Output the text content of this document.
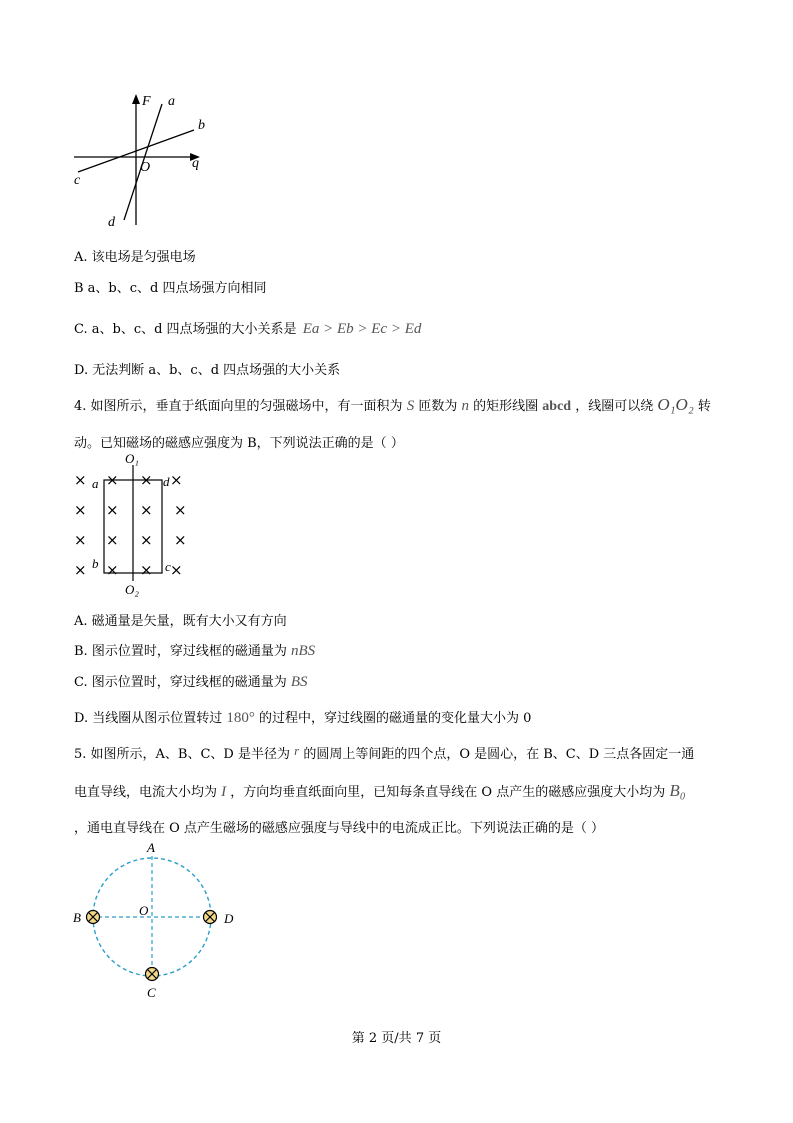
F a
b
q
O
c
d
A. 该电场是匀强电场
B a、b、c、d 四点场强方向相同
C. a、b、c、d 四点场强的大小关系是 Ea > Eb > Ec > Ed
D. 无法判断 a、b、c、d 四点场强的大小关系
4. 如图所示，垂直于纸面向里的匀强磁场中，有一面积为 S 匝数为 n 的矩形线圈 abcd ，线圈可以绕 O₁O₂ 转
动。已知磁场的磁感应强度为 B，下列说法正确的是（ ）
O₁
O₂
a	d
b	c
×
×
×
×
× × ×
× × ×
× × ×
× × ×
A. 磁通量是矢量，既有大小又有方向
B. 图示位置时，穿过线框的磁通量为 nBS
C. 图示位置时，穿过线框的磁通量为 BS
D. 当线圈从图示位置转过 180° 的过程中，穿过线圈的磁通量的变化量大小为 0
5. 如图所示，A、B、C、D 是半径为 r 的圆周上等间距的四个点，O 是圆心，在 B、C、D 三点各固定一通
电直导线，电流大小均为 I ，方向均垂直纸面向里，已知每条直导线在 O 点产生的磁感应强度大小均为 B₀
，通电直导线在 O 点产生磁场的磁感应强度与导线中的电流成正比。下列说法正确的是（ ）
A
B	O
D
C
第 2 页/共 7 页
